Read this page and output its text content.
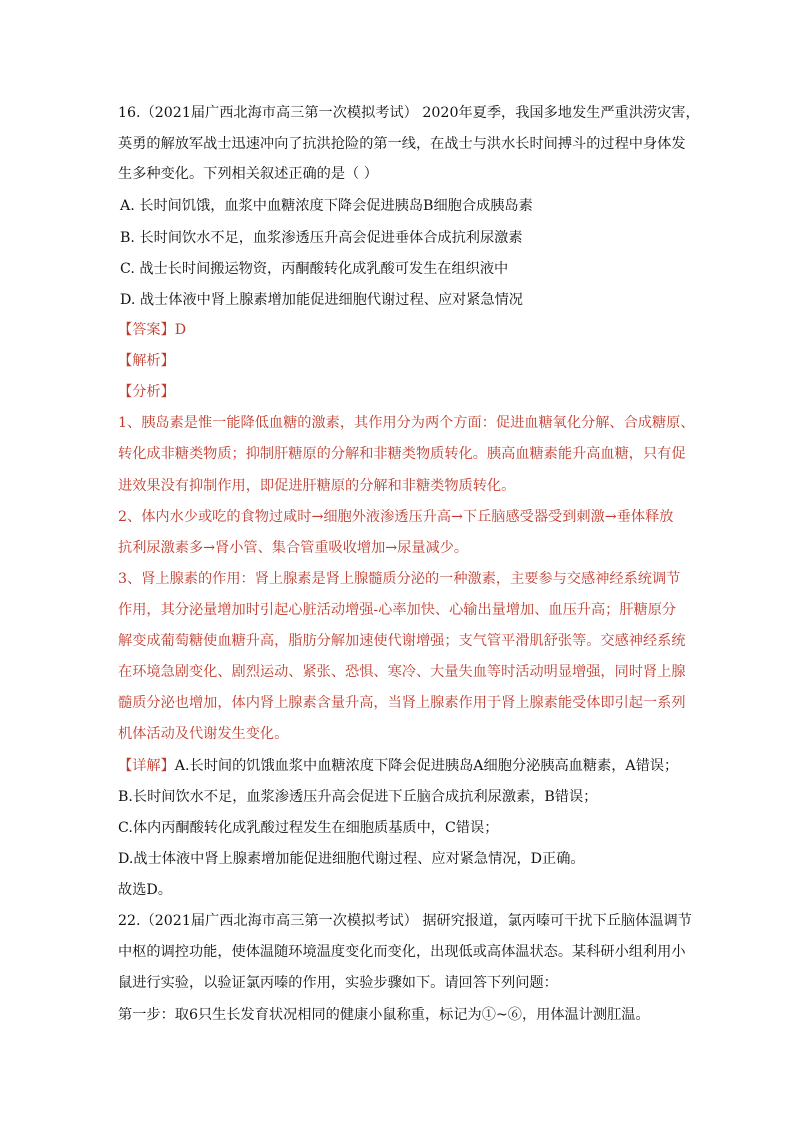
16.（2021届广西北海市高三第一次模拟考试） 2020年夏季，我国多地发生严重洪涝灾害，
英勇的解放军战士迅速冲向了抗洪抢险的第一线，在战士与洪水长时间搏斗的过程中身体发
生多种变化。下列相关叙述正确的是（ ）
A. 长时间饥饿，血浆中血糖浓度下降会促进胰岛B细胞合成胰岛素
B. 长时间饮水不足，血浆渗透压升高会促进垂体合成抗利尿激素
C. 战士长时间搬运物资，丙酮酸转化成乳酸可发生在组织液中
D. 战士体液中肾上腺素增加能促进细胞代谢过程、应对紧急情况
【答案】D
【解析】
【分析】
1、胰岛素是惟一能降低血糖的激素，其作用分为两个方面：促进血糖氧化分解、合成糖原、
转化成非糖类物质；抑制肝糖原的分解和非糖类物质转化。胰高血糖素能升高血糖，只有促
进效果没有抑制作用，即促进肝糖原的分解和非糖类物质转化。
2、体内水少或吃的食物过咸时→细胞外液渗透压升高→下丘脑感受器受到刺激→垂体释放
抗利尿激素多→肾小管、集合管重吸收增加→尿量减少。
3、肾上腺素的作用：肾上腺素是肾上腺髓质分泌的一种激素，主要参与交感神经系统调节
作用，其分泌量增加时引起心脏活动增强-心率加快、心输出量增加、血压升高；肝糖原分
解变成葡萄糖使血糖升高，脂肪分解加速使代谢增强；支气管平滑肌舒张等。交感神经系统
在环境急剧变化、剧烈运动、紧张、恐惧、寒冷、大量失血等时活动明显增强，同时肾上腺
髓质分泌也增加，体内肾上腺素含量升高，当肾上腺素作用于肾上腺素能受体即引起一系列
机体活动及代谢发生变化。
【详解】A.长时间的饥饿血浆中血糖浓度下降会促进胰岛A细胞分泌胰高血糖素，A错误；
B.长时间饮水不足，血浆渗透压升高会促进下丘脑合成抗利尿激素，B错误；
C.体内丙酮酸转化成乳酸过程发生在细胞质基质中，C错误；
D.战士体液中肾上腺素增加能促进细胞代谢过程、应对紧急情况，D正确。
故选D。
22.（2021届广西北海市高三第一次模拟考试） 据研究报道，氯丙嗪可干扰下丘脑体温调节
中枢的调控功能，使体温随环境温度变化而变化，出现低或高体温状态。某科研小组利用小
鼠进行实验，以验证氯丙嗪的作用，实验步骤如下。请回答下列问题：
第一步：取6只生长发育状况相同的健康小鼠称重，标记为①~⑥，用体温计测肛温。
